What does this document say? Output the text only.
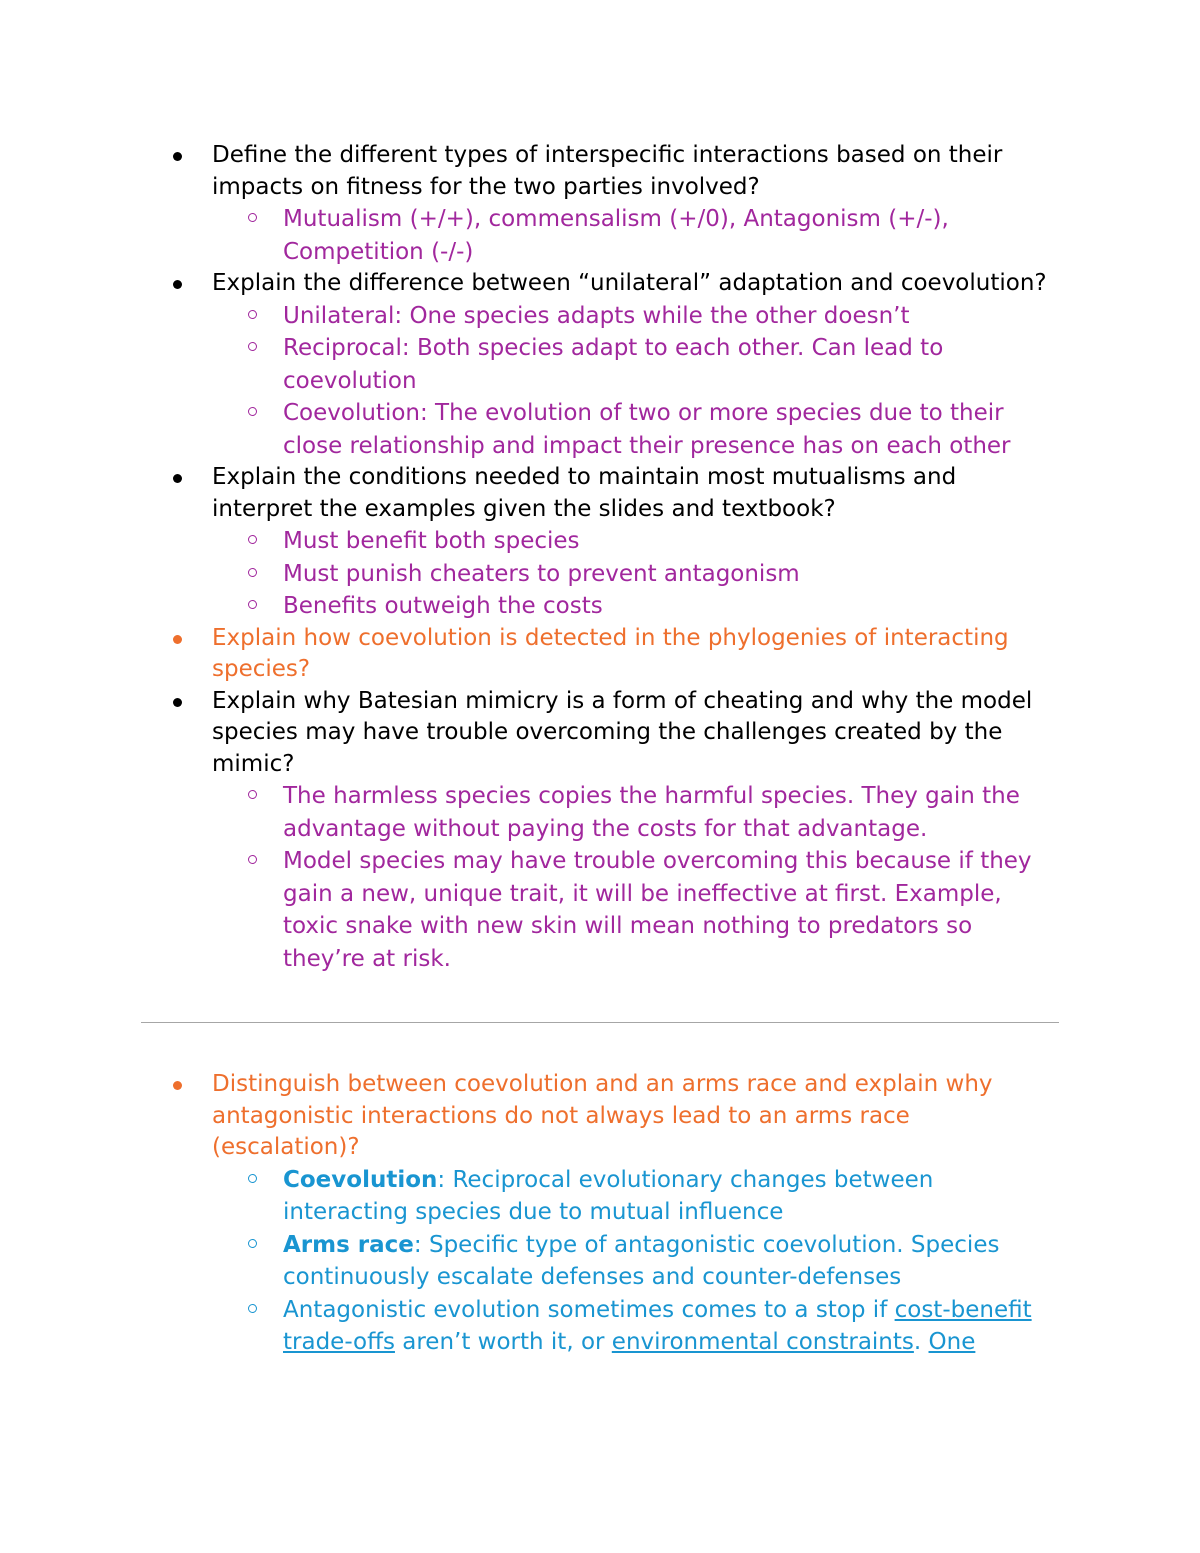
Define the different types of interspecific interactions based on their impacts on fitness for the two parties involved?
Mutualism (+/+), commensalism (+/0), Antagonism (+/-), Competition (-/-)
Explain the difference between “unilateral” adaptation and coevolution?
Unilateral: One species adapts while the other doesn’t
Reciprocal: Both species adapt to each other. Can lead to coevolution
Coevolution: The evolution of two or more species due to their close relationship and impact their presence has on each other
Explain the conditions needed to maintain most mutualisms and interpret the examples given the slides and textbook?
Must benefit both species
Must punish cheaters to prevent antagonism
Benefits outweigh the costs
Explain how coevolution is detected in the phylogenies of interacting species?
Explain why Batesian mimicry is a form of cheating and why the model species may have trouble overcoming the challenges created by the mimic?
The harmless species copies the harmful species. They gain the advantage without paying the costs for that advantage.
Model species may have trouble overcoming this because if they gain a new, unique trait, it will be ineffective at first. Example, toxic snake with new skin will mean nothing to predators so they’re at risk.
Distinguish between coevolution and an arms race and explain why antagonistic interactions do not always lead to an arms race (escalation)?
Coevolution: Reciprocal evolutionary changes between interacting species due to mutual influence
Arms race: Specific type of antagonistic coevolution. Species continuously escalate defenses and counter-defenses
Antagonistic evolution sometimes comes to a stop if cost-benefit trade-offs aren’t worth it, or environmental constraints. One
